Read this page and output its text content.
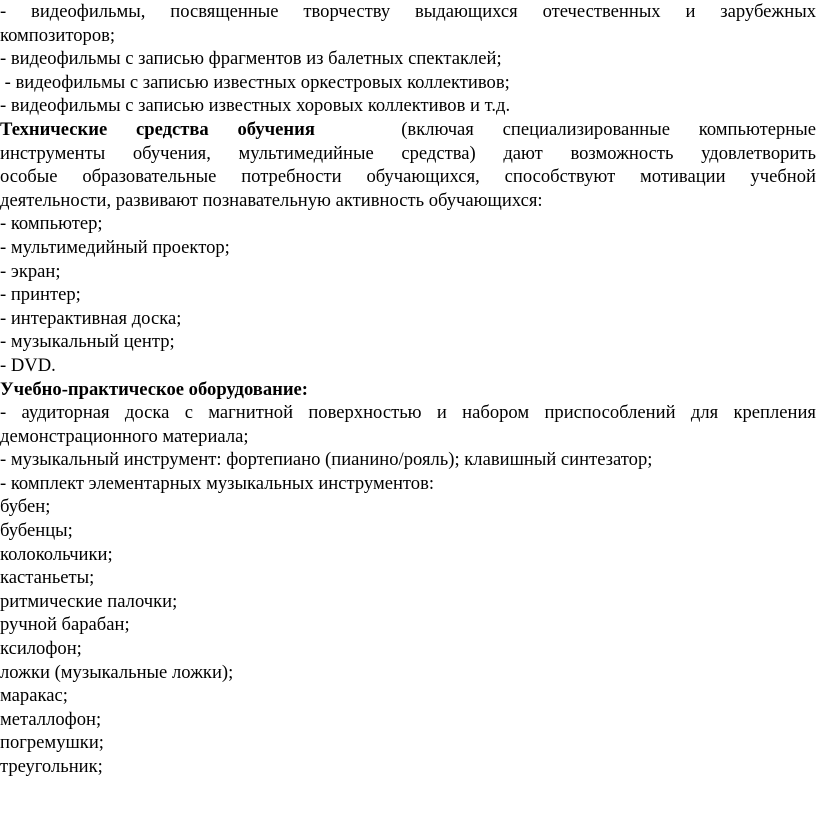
- видеофильмы, посвященные творчеству выдающихся отечественных и зарубежных
композиторов;
- видеофильмы с записью фрагментов из балетных спектаклей;
- видеофильмы с записью известных оркестровых коллективов;
- видеофильмы с записью известных хоровых коллективов и т.д.
Технические средства обучения	(включая специализированные компьютерные
инструменты обучения, мультимедийные средства) дают возможность удовлетворить
особые образовательные потребности обучающихся, способствуют мотивации учебной
деятельности, развивают познавательную активность обучающихся:
- компьютер;
- мультимедийный проектор;
- экран;
- принтер;
- интерактивная доска;
- музыкальный центр;
- DVD.
Учебно-практическое оборудование:
- аудиторная доска с магнитной поверхностью и набором приспособлений для крепления
демонстрационного материала;
- музыкальный инструмент: фортепиано (пианино/рояль); клавишный синтезатор;
- комплект элементарных музыкальных инструментов:
бубен;
бубенцы;
колокольчики;
кастаньеты;
ритмические палочки;
ручной барабан;
ксилофон;
ложки (музыкальные ложки);
маракас;
металлофон;
погремушки;
треугольник;
